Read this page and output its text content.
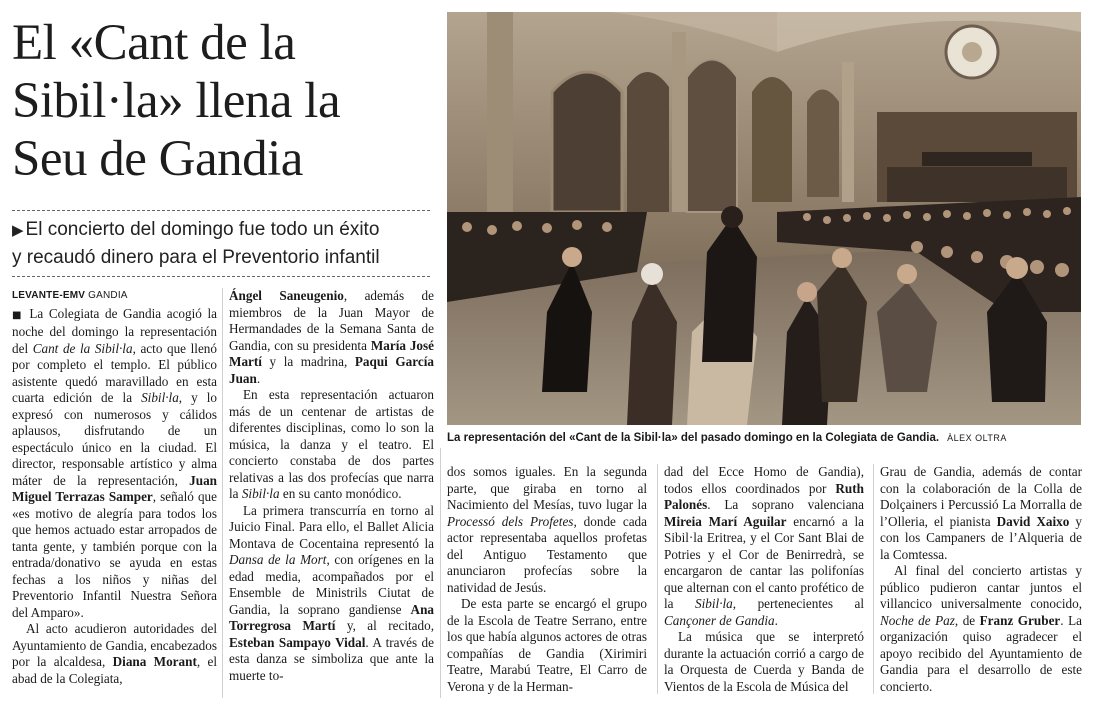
El «Cant de la
Sibil·la» llena la
Seu de Gandia
▶ El concierto del domingo fue todo un éxito
y recaudó dinero para el Preventorio infantil
La representación del «Cant de la Sibil·la» del pasado domingo en la Colegiata de Gandia. ÀLEX OLTRA
LEVANTE-EMV GANDIA

■ La Colegiata de Gandia acogió la noche del domingo la representación del Cant de la Sibil·la, acto que llenó por completo el templo. El público asistente quedó maravillado en esta cuarta edición de la Sibil·la, y lo expresó con numerosos y cálidos aplausos, disfrutando de un espectáculo único en la ciudad. El director, responsable artístico y alma máter de la representación, Juan Miguel Terrazas Samper, señaló que «es motivo de alegría para todos los que hemos actuado estar arropados de tanta gente, y también porque con la entrada/donativo se ayuda en estas fechas a los niños y niñas del Preventorio Infantil Nuestra Señora del Amparo».

Al acto acudieron autoridades del Ayuntamiento de Gandia, encabezados por la alcaldesa, Diana Morant, el abad de la Colegiata,

Ángel Saneugenio, además de miembros de la Juan Mayor de Hermandades de la Semana Santa de Gandia, con su presidenta María José Martí y la madrina, Paqui García Juan.

En esta representación actuaron más de un centenar de artistas de diferentes disciplinas, como lo son la música, la danza y el teatro. El concierto constaba de dos partes relativas a las dos profecías que narra la Sibil·la en su canto monódico.

La primera transcurría en torno al Juicio Final. Para ello, el Ballet Alicia Montava de Cocentaina representó la Dansa de la Mort, con orígenes en la edad media, acompañados por el Ensemble de Ministrils Ciutat de Gandia, la soprano gandiense Ana Torregrosa Martí y, al recitado, Esteban Sampayo Vidal. A través de esta danza se simboliza que ante la muerte to-

dos somos iguales. En la segunda parte, que giraba en torno al Nacimiento del Mesías, tuvo lugar la Processó dels Profetes, donde cada actor representaba aquellos profetas del Antiguo Testamento que anunciaron profecías sobre la natividad de Jesús.

De esta parte se encargó el grupo de la Escola de Teatre Serrano, entre los que había algunos actores de otras compañías de Gandia (Xirimiri Teatre, Marabú Teatre, El Carro de Verona y de la Herman-

dad del Ecce Homo de Gandia), todos ellos coordinados por Ruth Palonés. La soprano valenciana Mireia Marí Aguilar encarnó a la Sibil·la Eritrea, y el Cor Sant Blai de Potries y el Cor de Benirredrà, se encargaron de cantar las polifonías que alternan con el canto profético de la Sibil·la, pertenecientes al Cançoner de Gandia.

La música que se interpretó durante la actuación corrió a cargo de la Orquesta de Cuerda y Banda de Vientos de la Escola de Música del

Grau de Gandia, además de contar con la colaboración de la Colla de Dolçainers i Percussió La Morralla de l’Olleria, el pianista David Xaixo y con los Campaners de l’Alqueria de la Comtessa.

Al final del concierto artistas y público pudieron cantar juntos el villancico universalmente conocido, Noche de Paz, de Franz Gruber. La organización quiso agradecer el apoyo recibido del Ayuntamiento de Gandia para el desarrollo de este concierto.
